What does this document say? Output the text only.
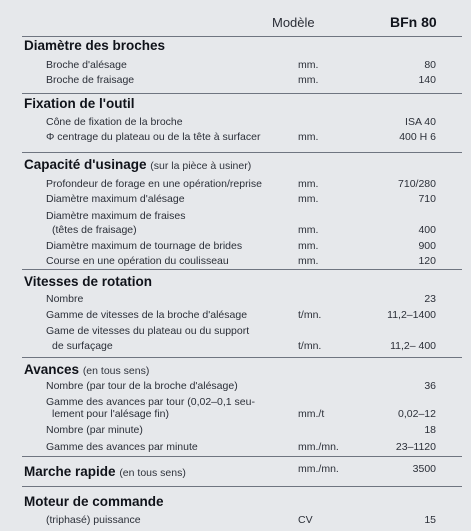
Modèle	BFn 80
Diamètre des broches
Broche d'alésage	mm.	80
Broche de fraisage	mm.	140
Fixation de l'outil
Cône de fixation de la broche	ISA 40
Φ centrage du plateau ou de la tête à surfacer	mm.	400 H 6
Capacité d'usinage (sur la pièce à usiner)
Profondeur de forage en une opération/reprise	mm.	710/280
Diamètre maximum d'alésage	mm.	710
Diamètre maximum de fraises
(têtes de fraisage)	mm.	400
Diamètre maximum de tournage de brides	mm.	900
Course en une opération du coulisseau	mm.	120
Vitesses de rotation
Nombre	23
Gamme de vitesses de la broche d'alésage	t/mn.	11,2–1400
Game de vitesses du plateau ou du support
de surfaçage	t/mn.	11,2– 400
Avances (en tous sens)
Nombre (par tour de la broche d'alésage)	36
Gamme des avances par tour (0,02–0,1 seu-
lement pour l'alésage fin)	mm./t	0,02–12
Nombre (par minute)	18
Gamme des avances par minute	mm./mn.	23–1120
Marche rapide (en tous sens)	mm./mn.	3500
Moteur de commande
(triphasé) puissance	CV	15
